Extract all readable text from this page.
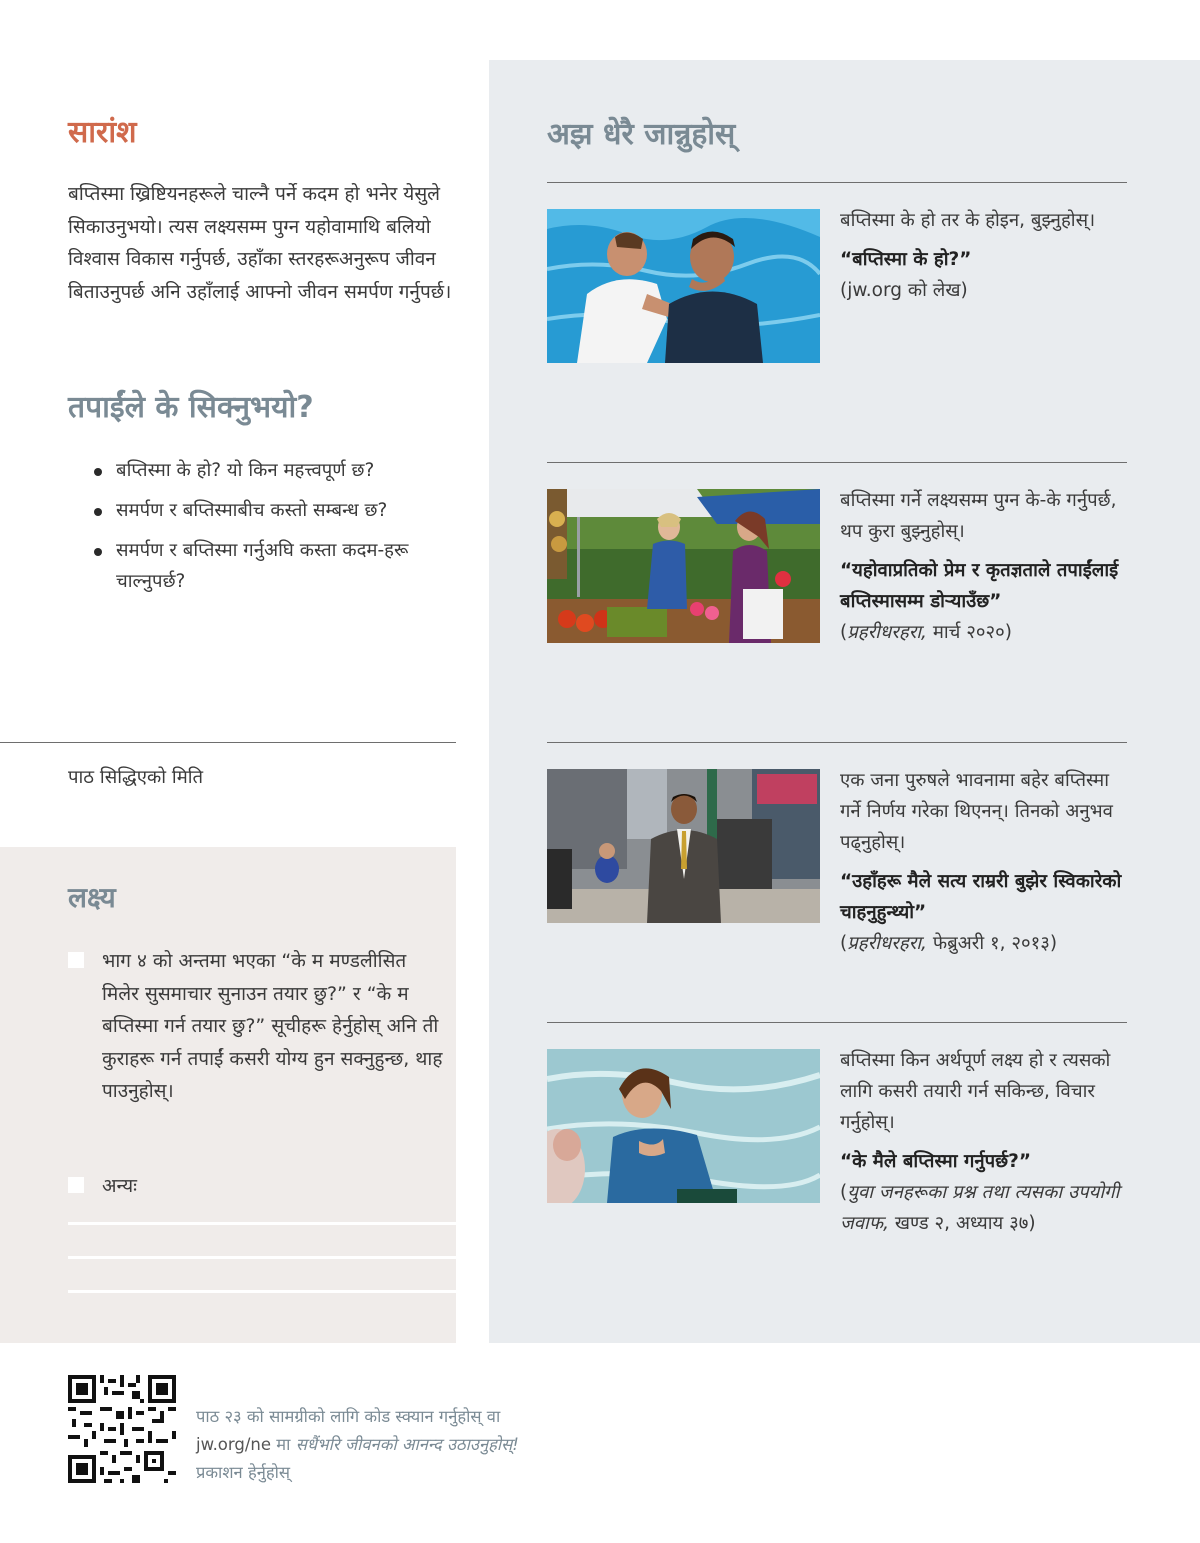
सारांश

बप्तिस्मा ख्रिष्टियनहरूले चाल्नै पर्ने कदम हो भनेर येसुले सिकाउनुभयो। त्यस लक्ष्यसम्म पुग्न यहोवामाथि बलियो विश्वास विकास गर्नुपर्छ, उहाँका स्तरहरूअनुरूप जीवन बिताउनुपर्छ अनि उहाँलाई आफ्नो जीवन समर्पण गर्नुपर्छ।

तपाईंले के सिक्नुभयो?
बप्तिस्मा के हो? यो किन महत्त्वपूर्ण छ?
समर्पण र बप्तिस्माबीच कस्तो सम्बन्ध छ?
समर्पण र बप्तिस्मा गर्नुअघि कस्ता कदम-हरू चाल्नुपर्छ?
पाठ सिद्धिएको मिति
लक्ष्य

भाग ४ को अन्तमा भएका “के म मण्डलीसित मिलेर सुसमाचार सुनाउन तयार छु?” र “के म बप्तिस्मा गर्न तयार छु?” सूचीहरू हेर्नुहोस् अनि ती कुराहरू गर्न तपाईं कसरी योग्य हुन सक्नुहुन्छ, थाह पाउनुहोस्।

अन्यः

अझ धेरै जान्नुहोस्
बप्तिस्मा के हो तर के होइन, बुझ्नुहोस्।
“बप्तिस्मा के हो?”
(jw.org को लेख)
बप्तिस्मा गर्ने लक्ष्यसम्म पुग्न के-के गर्नुपर्छ, थप कुरा बुझ्नुहोस्।
“यहोवाप्रतिको प्रेम र कृतज्ञताले तपाईंलाई बप्तिस्मासम्म डोऱ्याउँछ”
(प्रहरीधरहरा, मार्च २०२०)
एक जना पुरुषले भावनामा बहेर बप्तिस्मा गर्ने निर्णय गरेका थिएनन्। तिनको अनुभव पढ्नुहोस्।
“उहाँहरू मैले सत्य राम्ररी बुझेर स्विकारेको चाहनुहुन्थ्यो”
(प्रहरीधरहरा, फेब्रुअरी १, २०१३)
बप्तिस्मा किन अर्थपूर्ण लक्ष्य हो र त्यसको लागि कसरी तयारी गर्न सकिन्छ, विचार गर्नुहोस्।
“के मैले बप्तिस्मा गर्नुपर्छ?”
(युवा जनहरूका प्रश्न तथा त्यसका उपयोगी जवाफ, खण्ड २, अध्याय ३७)
पाठ २३ को सामग्रीको लागि कोड स्क्यान गर्नुहोस् वा
jw.org/ne मा सधैंभरि जीवनको आनन्द उठाउनुहोस्!
प्रकाशन हेर्नुहोस्
